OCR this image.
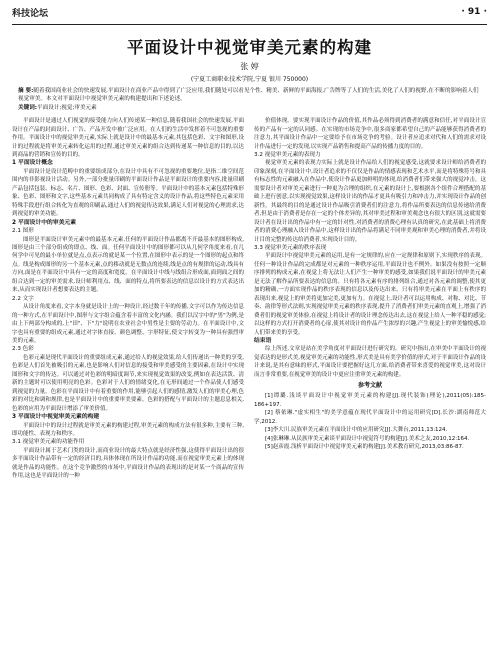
科技论坛	· 91 ·
平面设计中视觉审美元素的构建
张 婷
(宁夏工商职业技术学院,宁夏 银川 750000)
摘 要:随着我国商业社会的快速发展,平面设计在商业产品中得到了广泛应用,我们随处可以看见个性、精美、新鲜的平面海报,广告牌等了人们的生活,美化了人们的视野,在不断的影响着人们视觉审美。本文对平面设计中视觉审美元素的构建提出和下述论述。
关键词:平面设计;视觉;审美元素

平面设计是通过人们视觉的接受能力向人们传递某一种信息,随着我国社会的快速发展,平面设计在产品的封面设计、广告、产品开发中被广泛应用。在人们的生活中发挥着不可忽视的重要作用。平面设计中的视觉审美元素,实际上就是设计中的最基本元素,其包括色彩、文字和图形,设计的过程就是将审美元素转化运用的过程,通过审美元素的组合达到传递某一种信息的目的,以达到商品的营销和宣传的目的。

1 平面设计概念

平面设计是设计范畴中的重要组成部分,在设计中具有不可忽视的重要地位,是指二维空间范围内的非影视设计活动。另外,一部分批量印刷的平面设计作品是平面设计的重要内容,批量印刷产品包括包装、标志、名片、图形、色彩、封面、宣传册等。平面设计中的基本元素包括特殊形象、色彩、图形和文字,这些基本元素共同构成了具有特定含义的设计作品,将这些特色元素采用特殊手段进行组合转化为直观的印刷品,通过人们的视觉传达效果,满足人们对视觉的心理需求,达到视觉的审美功能。

2 平面设计中的审美元素
2.1 图形

图形是平面设计审美元素中的最基本元素,任何的平面设计作品都离不开最基本的图形构成,图形是由三个部分组成的即点、线、面。任何平面设计中的图形都可以从几何学角度来看,在几何学中可见的最小单位就是点,点表示的就是某一个位置,在图形中表示的是一个图形的起点和终点。线是构成图形的另一个基本元素,点的移动就是无数点的连续,线是点的有规律的运动,线具有方向,面是在平面设计中具有一定的高度和宽度。在平面设计中线与线组合形成面,面到面之间的组合达到一定的审美需求,设计师利用点、线、面的特点,将所要表达的信息以设计的方式表达出来,从而实现设计者想要表达的主题。

2.2 文字

从设计角度来看,文字本身就是设计上的一种设计,经过数千年的传播,文字可以作为传达信息的一种方式,在平面设计中,图形与文字组合蕴含着丰富的文化内涵。我们以汉字中的"男"为例,是由上下两部分构成的,上"田"、下"力"说明在农业社会中男性是主要的劳动力。在平面设计中,文字也具有重要的组成元素,通过对字体直接、颜色调整、字形特征,使文字转变为一种具有强烈审美的元素。

2.3 色彩

色彩元素是现代平面设计的重要组成元素,通过给人的视觉效果,给人们传递出一种美的享受,色彩是人们首先被吸引的元素,也是影响人们对信息的接受和审美感受的主要因素,在设计中实现图形和文字的传达。可以通过对色彩的明暗度调节,来实现视觉效果的改变,例如在表达活泼、清新的主题时可以使用明亮的色彩。色彩对于人们的情绪变化,在无形间通过一个作品使人们感受到视觉的力量。色彩在平面设计中有着重要的作用,能够引起人们的感情,激发人们的审美心理,色彩的对比和调和规律,也是平面设计中的重要审美要素。色彩的搭配与平面设计的主题息息相关,色彩的应用为平面设计增添了审美价值。

3 平面设计中视觉审美元素的构建

平面设计中的设计过程就是审美元素的构建过程,审美元素的构成方法有很多种,主要有三种,即功能性、表现力和秩序。

3.1 视觉审美元素的功能作用

平面设计属于艺术门类的设计,而商业设计的最大特点就是经济性强,这使得平面设计出的很多平面设计作品带有一定的经济目的,具体体现在所设计作品的功能,而在视觉审美元素上的体现就是作品的功能性。在这个竞争激烈的市场中,平面设计作品的表现出的是对某一个商品的宣传作用,这也是平面设计的一种

价值体现。要实现平面设计作品的价值,其作品必须得到消费者的满意和信任,对平面设计宣传的产品有一定的认同感。在实现的市场竞争中,很多商家都希望自己的产品能够获得消费者的注意力,其平面设计作品中一定要给予在市场竞争的考验。设计者应追求对代和人们的需求对设计作品进行一定的发现,以实现产品销售和提高产品的传播力度的目的。

3.2 视觉审美元素的表现力

视觉审美元素的表现力实际上就是设计作品给人们的视觉感受,这就要求设计师给消费者的印象深刻,在平面设计中,设计者追求的不仅仅是作品的情感表现和艺术水平,而是将特殊符号和具有标志性的元素融入在作品中,使设计作品更加鲜明的体现,给消费者们带来强大的视觉冲击。这需要设计者对审美元素进行一种更为合理的组织,在元素的设计上,要根据各个组件合理搭配的基础上进行创意,以实现视觉效果,这样设计出的作品才更具有吸引力和冲击力,并实现设计作品的创新性。其最终的目的是通过设计作品吸引消费者们的注意力,将作品所要表达的信息传递给消费者,但是由于消费者是存在一定的个体差异的,其对审美过程和审美观念也有很大的区别,这就需要设计者在设计出的作品中有一定的针对性,对消费者的消费心理有认真的研究,在此基础上将消费者的消费心理融入设计作品中,这样设计出的作品将满足不同审美观和审美心理的消费者,并将设计目的完整的传达给消费者,实现设计目的。

3.3 视觉审美元素的秩序表现

平面设计中视觉审美元素的运用,是有一定规律的,应在一定规律和原则下,实现秩序的表现。任何一种设计作品的完成都是对元素的一种秩序运用,平面设计也不例外。如果没有按照一定顺序排列的构成元素,在视觉上将无法让人们产生一种审美的感受,如果我们说平面设计的审美元素是无法了解作品所要表达的信息的。只有将各元素有序的排列组合,通过对各元素的调整,使其更加的精确,一方面实现作品的秩序表现的信息以及传达出来。只有将审美元素在平面上有秩序的表现出来,视觉上的审美将更加完美,更加有力。在视觉上,设计者可以运用构成、对称、对比、节奏、韵律等形式法则,实现视觉审美元素的秩序表现,提升了消费者们审美元素的直观上,增强了消费者们的视觉审美体验,在视觉上将设计者的设计理念传达出去,这在视觉上给人一种平稳的感觉;以这样的方式打开消费者的心扉,使其对设计的作品产生浓厚的兴趣,产生视觉上的审美愉悦感,给人们带来美的享受。

结束语

综上所述,文章是站在美学角度对平面设计进行研究的。研究中指出,在审美中平面设计的视觉表达的是形式美,视觉审美元素的功能性,形式美是具有美学价值的形式,对于平面设计作品的设计来说,是其有意味的形式,平面设计要把握好这几方面,给消费者带来喜爱的视觉审美,这对设计而言非常重要,在视觉审美的设计中更应注重审美元素的构建。

参考文献

[1]谭璐.浅谈平面设计中视觉审美元素的构建[J].现代装饰(理论),2011(05):185-186+197.

[2] 蔡依琳."虚实相生"的美学意蕴在现代平面设计中的运用研究[D].长沙:湖南师范大学,2012.

[3]李大川.民族审美元素在平面设计中的应用研究[J].大舞台,2011,13:124.

[4]张琳琳.从民族审美元素谈平面设计中视觉符号的构建[J].美术之友,2010,12:164.

[5]赵彦霞.浅析平面设计中视觉审美元素的构建[J].美术教育研究,2013,03:86-87.
